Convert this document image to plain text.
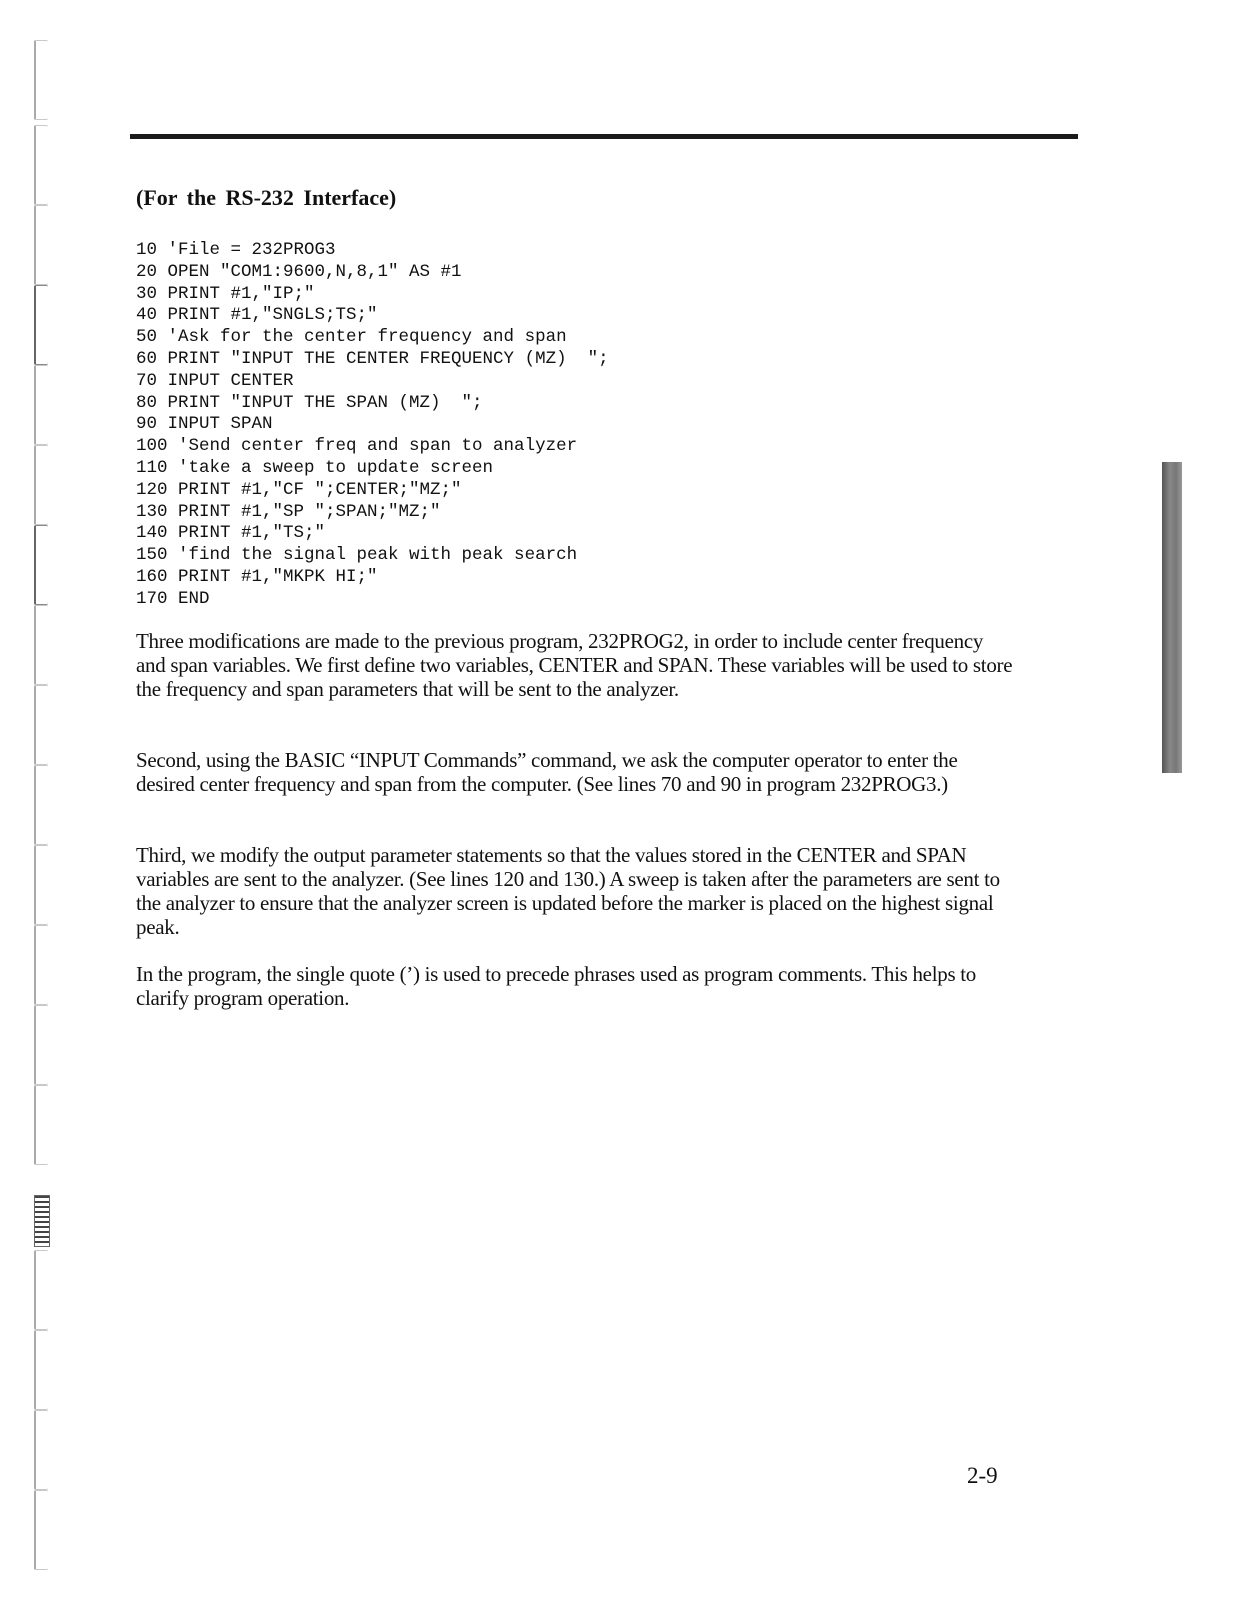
(For the RS-232 Interface)
10 'File = 232PROG3
20 OPEN "COM1:9600,N,8,1" AS #1
30 PRINT #1,"IP;"
40 PRINT #1,"SNGLS;TS;"
50 'Ask for the center frequency and span
60 PRINT "INPUT THE CENTER FREQUENCY (MZ)  ";
70 INPUT CENTER
80 PRINT "INPUT THE SPAN (MZ)  ";
90 INPUT SPAN
100 'Send center freq and span to analyzer
110 'take a sweep to update screen
120 PRINT #1,"CF ";CENTER;"MZ;"
130 PRINT #1,"SP ";SPAN;"MZ;"
140 PRINT #1,"TS;"
150 'find the signal peak with peak search
160 PRINT #1,"MKPK HI;"
170 END

Three modifications are made to the previous program, 232PROG2, in order to include center frequency and span variables. We first define two variables, CENTER and SPAN. These variables will be used to store the frequency and span parameters that will be sent to the analyzer.

Second, using the BASIC “INPUT Commands” command, we ask the computer operator to enter the desired center frequency and span from the computer. (See lines 70 and 90 in program 232PROG3.)

Third, we modify the output parameter statements so that the values stored in the CENTER and SPAN variables are sent to the analyzer. (See lines 120 and 130.) A sweep is taken after the parameters are sent to the analyzer to ensure that the analyzer screen is updated before the marker is placed on the highest signal peak.

In the program, the single quote (’) is used to precede phrases used as program comments. This helps to clarify program operation.

2-9
